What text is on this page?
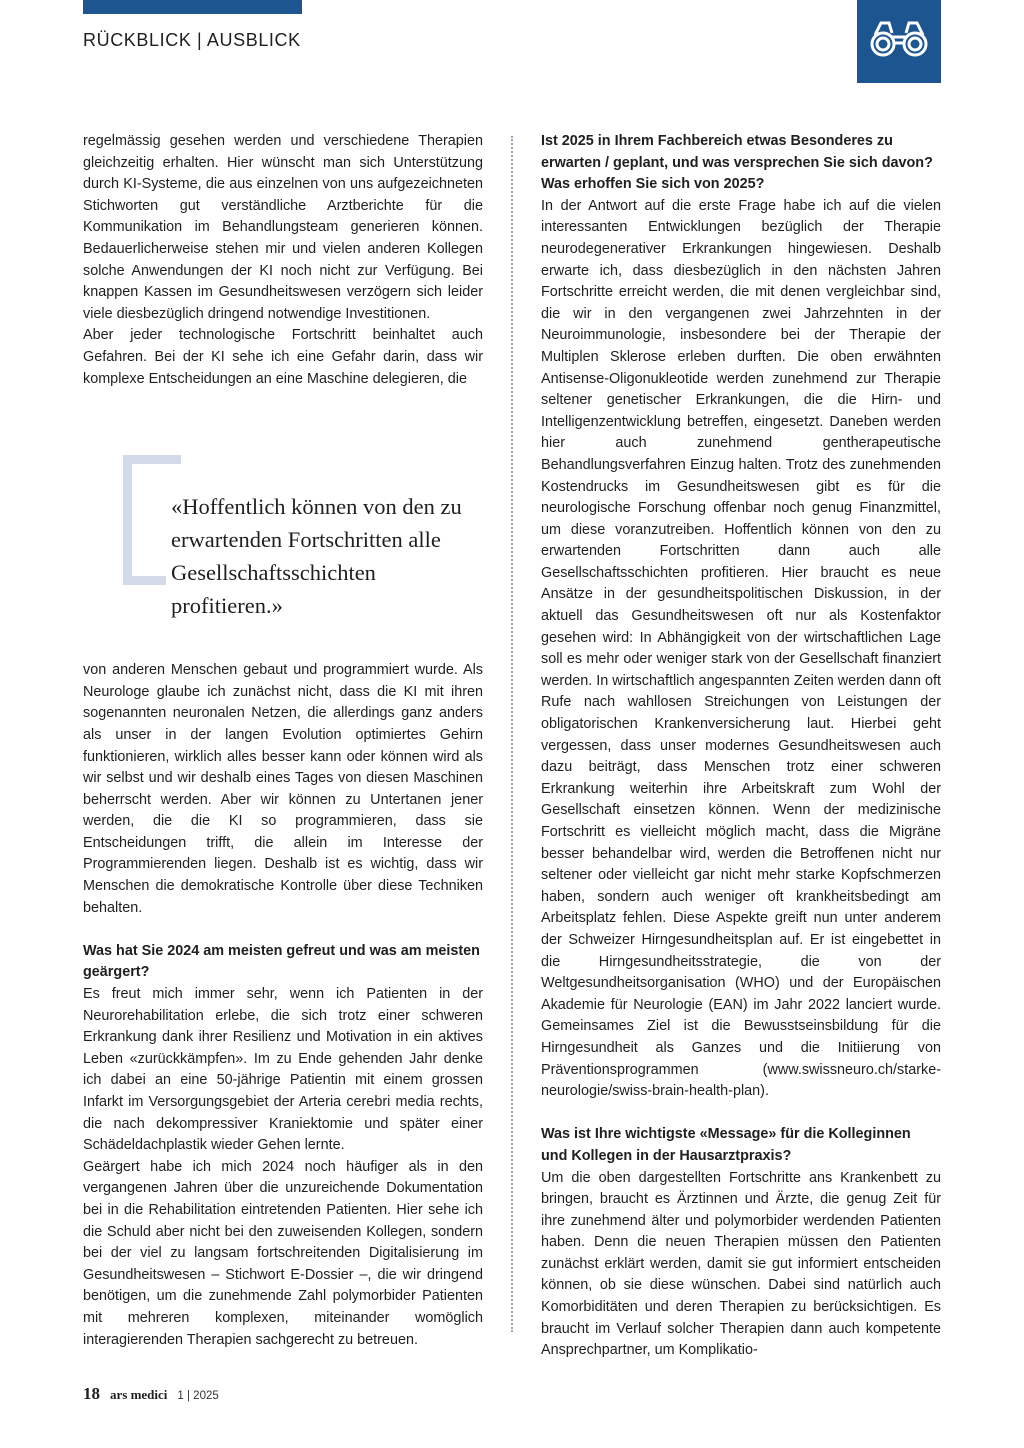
RÜCKBLICK | AUSBLICK

regelmässig gesehen werden und verschiedene Therapien gleichzeitig erhalten. Hier wünscht man sich Unterstützung durch KI-Systeme, die aus einzelnen von uns aufgezeichneten Stichworten gut verständliche Arztberichte für die Kommunikation im Behandlungsteam generieren können. Bedauerlicherweise stehen mir und vielen anderen Kollegen solche Anwendungen der KI noch nicht zur Verfügung. Bei knappen Kassen im Gesundheitswesen verzögern sich leider viele diesbezüglich dringend notwendige Investitionen.

Aber jeder technologische Fortschritt beinhaltet auch Gefahren. Bei der KI sehe ich eine Gefahr darin, dass wir komplexe Entscheidungen an eine Maschine delegieren, die

«Hoffentlich können von den zu erwartenden Fortschritten alle Gesellschaftsschichten profitieren.»

von anderen Menschen gebaut und programmiert wurde. Als Neurologe glaube ich zunächst nicht, dass die KI mit ihren sogenannten neuronalen Netzen, die allerdings ganz anders als unser in der langen Evolution optimiertes Gehirn funktionieren, wirklich alles besser kann oder können wird als wir selbst und wir deshalb eines Tages von diesen Maschinen beherrscht werden. Aber wir können zu Untertanen jener werden, die die KI so programmieren, dass sie Entscheidungen trifft, die allein im Interesse der Programmierenden liegen. Deshalb ist es wichtig, dass wir Menschen die demokratische Kontrolle über diese Techniken behalten.

Was hat Sie 2024 am meisten gefreut und was am meisten geärgert?

Es freut mich immer sehr, wenn ich Patienten in der Neurorehabilitation erlebe, die sich trotz einer schweren Erkrankung dank ihrer Resilienz und Motivation in ein aktives Leben «zurückkämpfen». Im zu Ende gehenden Jahr denke ich dabei an eine 50-jährige Patientin mit einem grossen Infarkt im Versorgungsgebiet der Arteria cerebri media rechts, die nach dekompressiver Kraniektomie und später einer Schädeldachplastik wieder Gehen lernte.

Geärgert habe ich mich 2024 noch häufiger als in den vergangenen Jahren über die unzureichende Dokumentation bei in die Rehabilitation eintretenden Patienten. Hier sehe ich die Schuld aber nicht bei den zuweisenden Kollegen, sondern bei der viel zu langsam fortschreitenden Digitalisierung im Gesundheitswesen – Stichwort E-Dossier –, die wir dringend benötigen, um die zunehmende Zahl polymorbider Patienten mit mehreren komplexen, miteinander womöglich interagierenden Therapien sachgerecht zu betreuen.

Ist 2025 in Ihrem Fachbereich etwas Besonderes zu erwarten / geplant, und was versprechen Sie sich davon? Was erhoffen Sie sich von 2025?

In der Antwort auf die erste Frage habe ich auf die vielen interessanten Entwicklungen bezüglich der Therapie neurodegenerativer Erkrankungen hingewiesen. Deshalb erwarte ich, dass diesbezüglich in den nächsten Jahren Fortschritte erreicht werden, die mit denen vergleichbar sind, die wir in den vergangenen zwei Jahrzehnten in der Neuroimmunologie, insbesondere bei der Therapie der Multiplen Sklerose erleben durften. Die oben erwähnten Antisense-Oligonukleotide werden zunehmend zur Therapie seltener genetischer Erkrankungen, die die Hirn- und Intelligenzentwicklung betreffen, eingesetzt. Daneben werden hier auch zunehmend gentherapeutische Behandlungsverfahren Einzug halten. Trotz des zunehmenden Kostendrucks im Gesundheitswesen gibt es für die neurologische Forschung offenbar noch genug Finanzmittel, um diese voranzutreiben. Hoffentlich können von den zu erwartenden Fortschritten dann auch alle Gesellschaftsschichten profitieren. Hier braucht es neue Ansätze in der gesundheitspolitischen Diskussion, in der aktuell das Gesundheitswesen oft nur als Kostenfaktor gesehen wird: In Abhängigkeit von der wirtschaftlichen Lage soll es mehr oder weniger stark von der Gesellschaft finanziert werden. In wirtschaftlich angespannten Zeiten werden dann oft Rufe nach wahllosen Streichungen von Leistungen der obligatorischen Krankenversicherung laut. Hierbei geht vergessen, dass unser modernes Gesundheitswesen auch dazu beiträgt, dass Menschen trotz einer schweren Erkrankung weiterhin ihre Arbeitskraft zum Wohl der Gesellschaft einsetzen können. Wenn der medizinische Fortschritt es vielleicht möglich macht, dass die Migräne besser behandelbar wird, werden die Betroffenen nicht nur seltener oder vielleicht gar nicht mehr starke Kopfschmerzen haben, sondern auch weniger oft krankheitsbedingt am Arbeitsplatz fehlen. Diese Aspekte greift nun unter anderem der Schweizer Hirngesundheitsplan auf. Er ist eingebettet in die Hirngesundheitsstrategie, die von der Weltgesundheitsorganisation (WHO) und der Europäischen Akademie für Neurologie (EAN) im Jahr 2022 lanciert wurde. Gemeinsames Ziel ist die Bewusstseinsbildung für die Hirngesundheit als Ganzes und die Initiierung von Präventionsprogrammen (www.swissneuro.ch/starke-neurologie/swiss-brain-health-plan).

Was ist Ihre wichtigste «Message» für die Kolleginnen und Kollegen in der Hausarztpraxis?

Um die oben dargestellten Fortschritte ans Krankenbett zu bringen, braucht es Ärztinnen und Ärzte, die genug Zeit für ihre zunehmend älter und polymorbider werdenden Patienten haben. Denn die neuen Therapien müssen den Patienten zunächst erklärt werden, damit sie gut informiert entscheiden können, ob sie diese wünschen. Dabei sind natürlich auch Komorbiditäten und deren Therapien zu berücksichtigen. Es braucht im Verlauf solcher Therapien dann auch kompetente Ansprechpartner, um Komplikatio-

18 ars medici 1 | 2025
